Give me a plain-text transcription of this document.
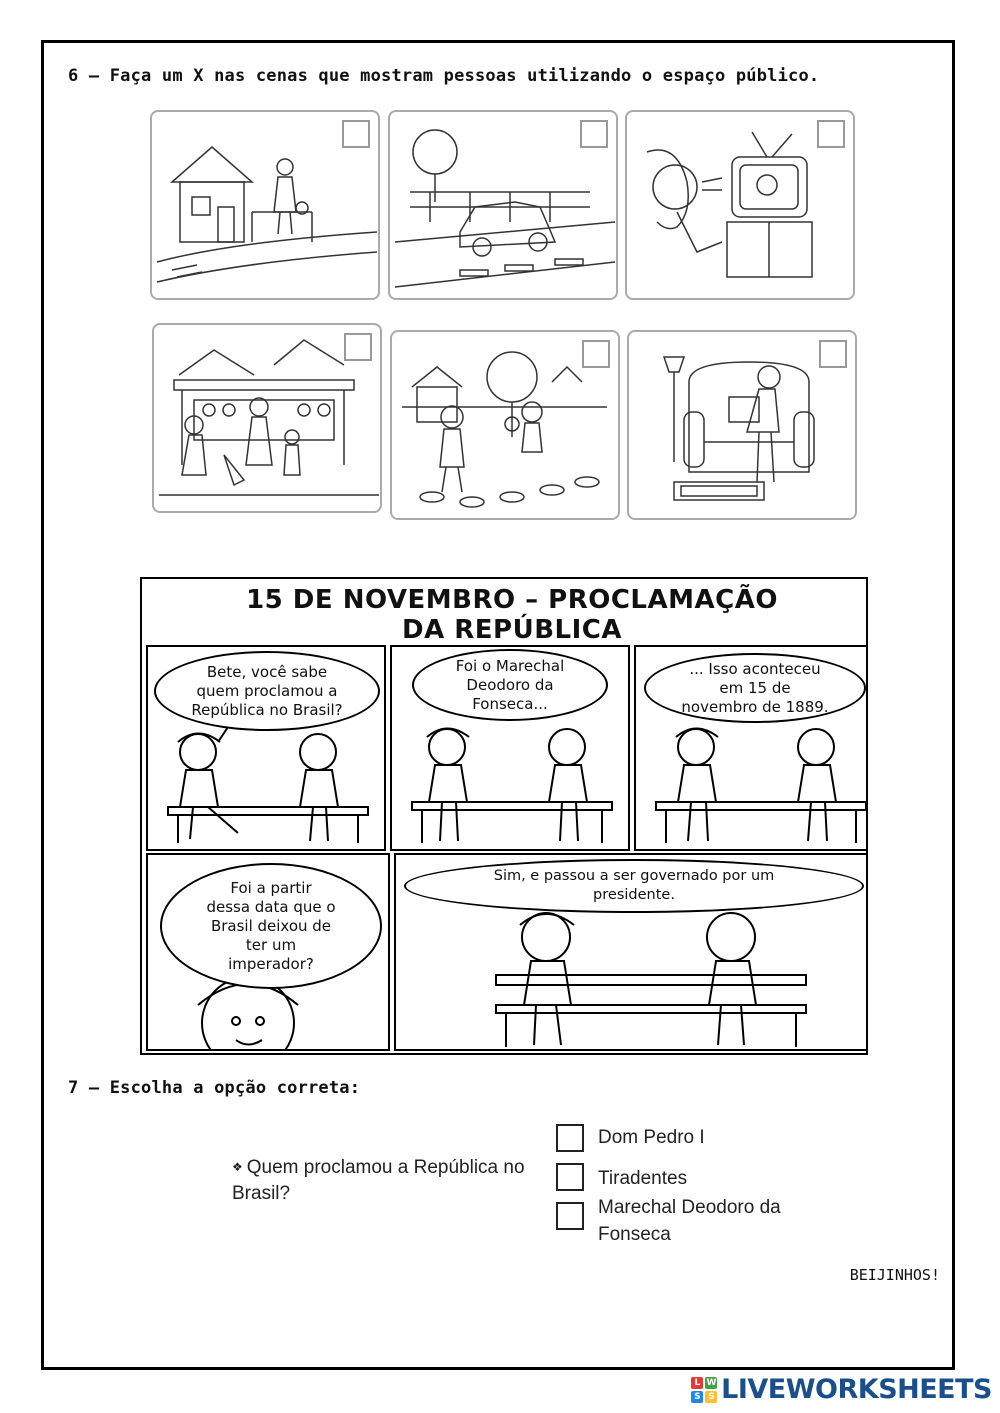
6 – Faça um X nas cenas que mostram pessoas utilizando o espaço público.
15 DE NOVEMBRO – PROCLAMAÇÃO
DA REPÚBLICA
Bete, você sabe
quem proclamou a
República no Brasil?
Foi o Marechal
Deodoro da
Fonseca...
... Isso aconteceu
em 15 de
novembro de 1889.
Foi a partir
dessa data que o
Brasil deixou de
ter um
imperador?
Sim, e passou a ser governado por um
presidente.
7 – Escolha a opção correta:
❖ Quem proclamou a República no Brasil?
Dom Pedro I
Tiradentes
Marechal Deodoro da Fonseca
BEIJINHOS!
L W
S S LIVEWORKSHEETS
